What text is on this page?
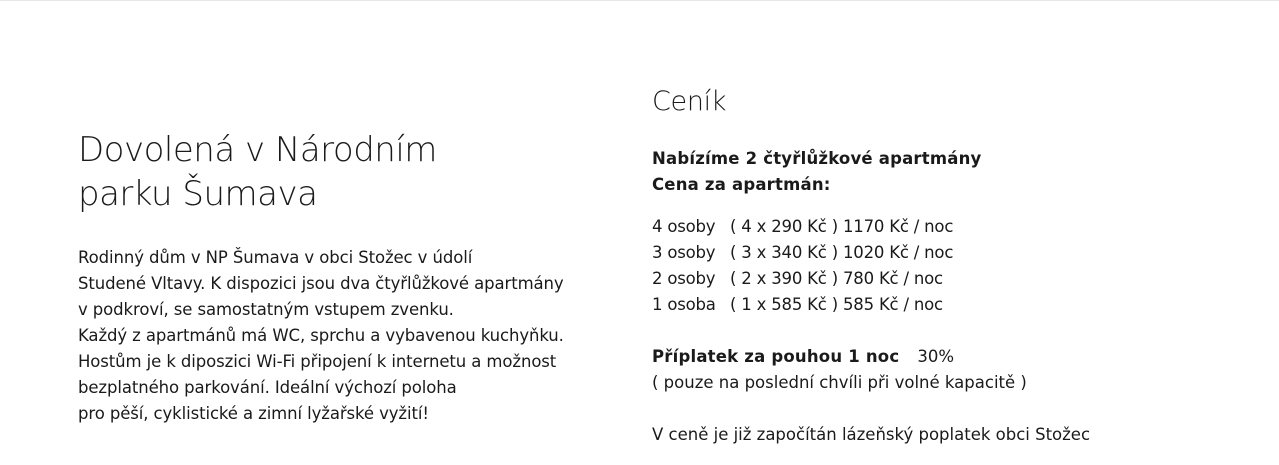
Dovolená v Národním
parku Šumava
Rodinný dům v NP Šumava v obci Stožec v údolí
Studené Vltavy. K dispozici jsou dva čtyřlůžkové apartmány
v podkroví, se samostatným vstupem zvenku.
Každý z apartmánů má WC, sprchu a vybavenou kuchyňku.
Hostům je k diposzici Wi-Fi připojení k internetu a možnost
bezplatného parkování. Ideální výchozí poloha
pro pěší, cyklistické a zimní lyžařské vyžití!
Ceník
Nabízíme 2 čtyřlůžkové apartmány
Cena za apartmán:
4 osoby ( 4 x 290 Kč ) 1170 Kč / noc
3 osoby ( 3 x 340 Kč ) 1020 Kč / noc
2 osoby ( 2 x 390 Kč ) 780 Kč / noc
1 osoba ( 1 x 585 Kč ) 585 Kč / noc
Příplatek za pouhou 1 noc 30%
( pouze na poslední chvíli při volné kapacitě )
V ceně je již započítán lázeňský poplatek obci Stožec
